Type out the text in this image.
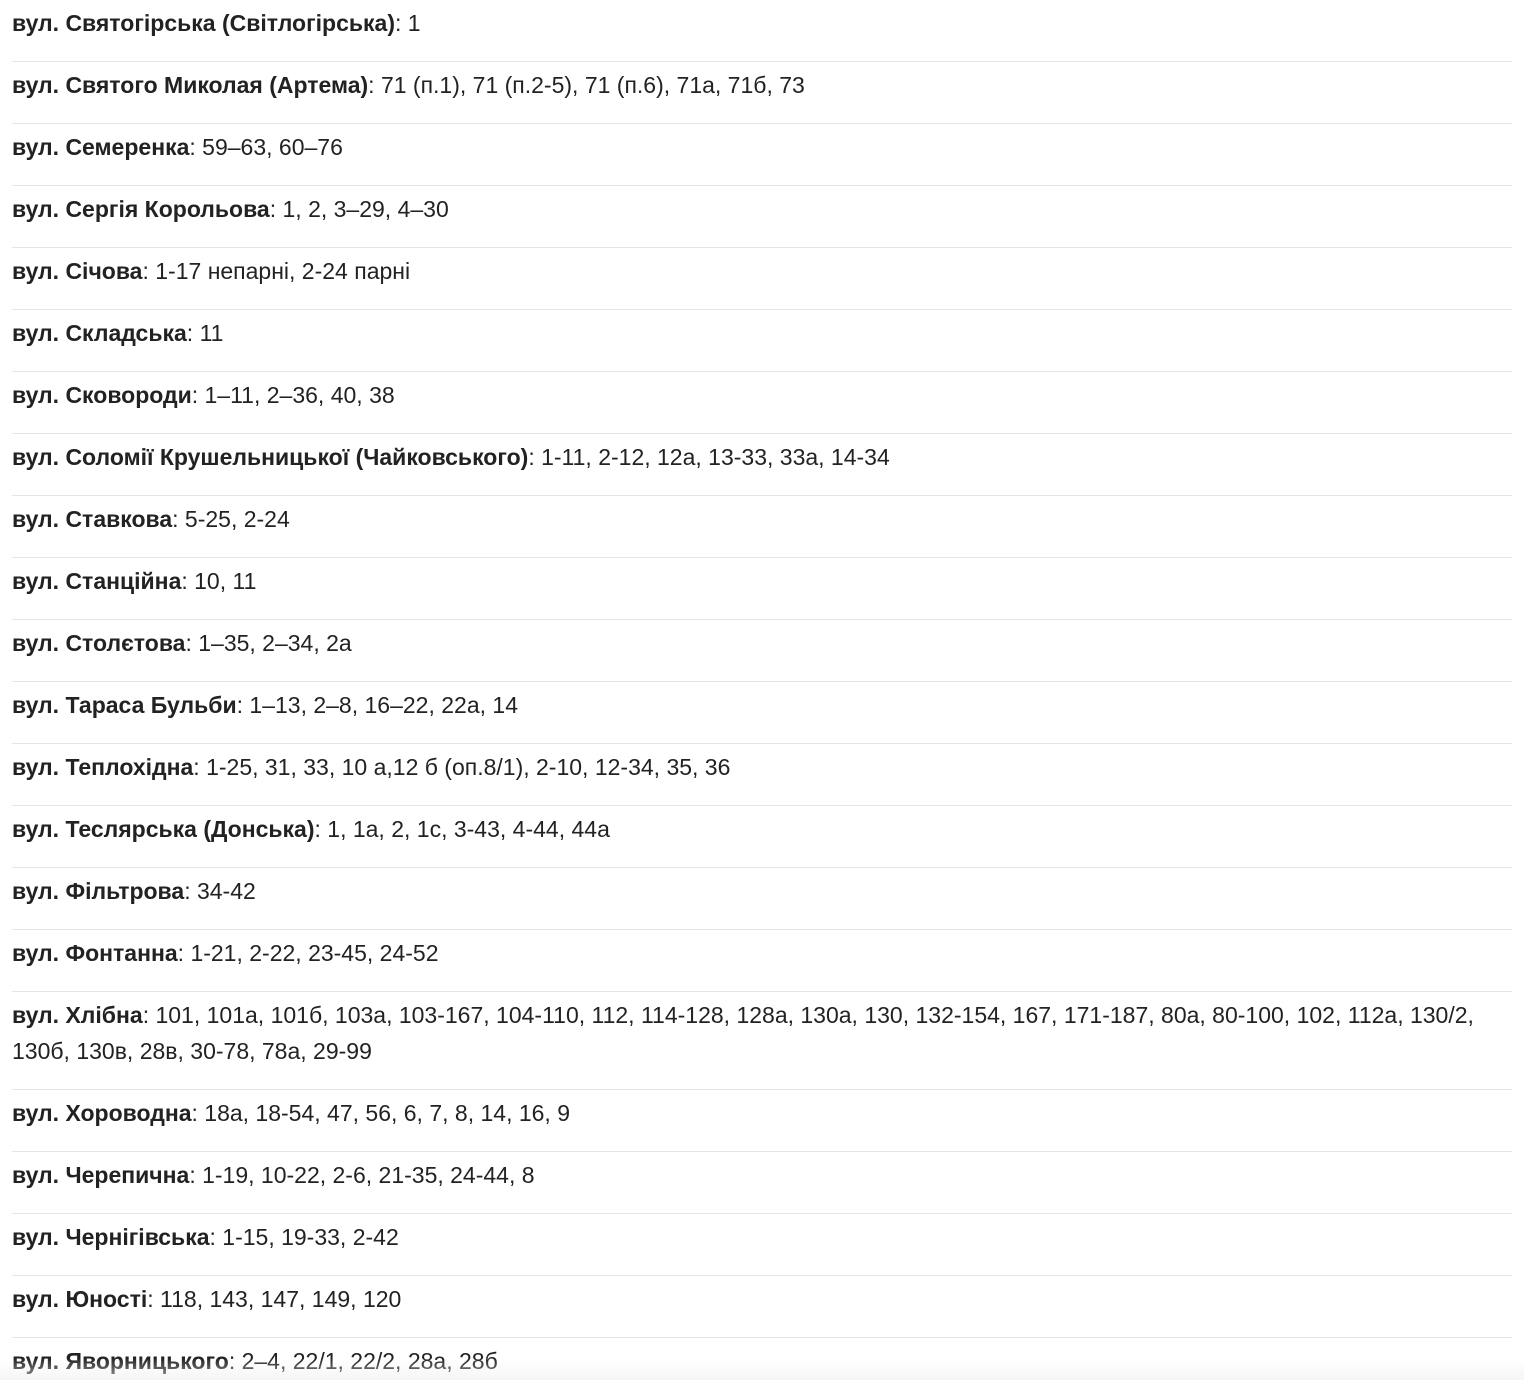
вул. Святогірська (Світлогірська): 1
вул. Святого Миколая (Артема): 71 (п.1), 71 (п.2-5), 71 (п.6), 71а, 71б, 73
вул. Семеренка: 59–63, 60–76
вул. Сергія Корольова: 1, 2, 3–29, 4–30
вул. Січова: 1-17 непарні, 2-24 парні
вул. Складська: 11
вул. Сковороди: 1–11, 2–36, 40, 38
вул. Соломії Крушельницької (Чайковського): 1-11, 2-12, 12а, 13-33, 33а, 14-34
вул. Ставкова: 5-25, 2-24
вул. Станційна: 10, 11
вул. Столєтова: 1–35, 2–34, 2а
вул. Тараса Бульби: 1–13, 2–8, 16–22, 22а, 14
вул. Теплохідна: 1-25, 31, 33, 10 а,12 б (оп.8/1), 2-10, 12-34, 35, 36
вул. Теслярська (Донська): 1, 1а, 2, 1с, 3-43, 4-44, 44а
вул. Фільтрова: 34-42
вул. Фонтанна: 1-21, 2-22, 23-45, 24-52
вул. Хлібна: 101, 101а, 101б, 103а, 103-167, 104-110, 112, 114-128, 128а, 130а, 130, 132-154, 167, 171-187, 80а, 80-100, 102, 112а, 130/2, 130б, 130в, 28в, 30-78, 78а, 29-99
вул. Хороводна: 18а, 18-54, 47, 56, 6, 7, 8, 14, 16, 9
вул. Черепична: 1-19, 10-22, 2-6, 21-35, 24-44, 8
вул. Чернігівська: 1-15, 19-33, 2-42
вул. Юності: 118, 143, 147, 149, 120
вул. Яворницького: 2–4, 22/1, 22/2, 28а, 28б
